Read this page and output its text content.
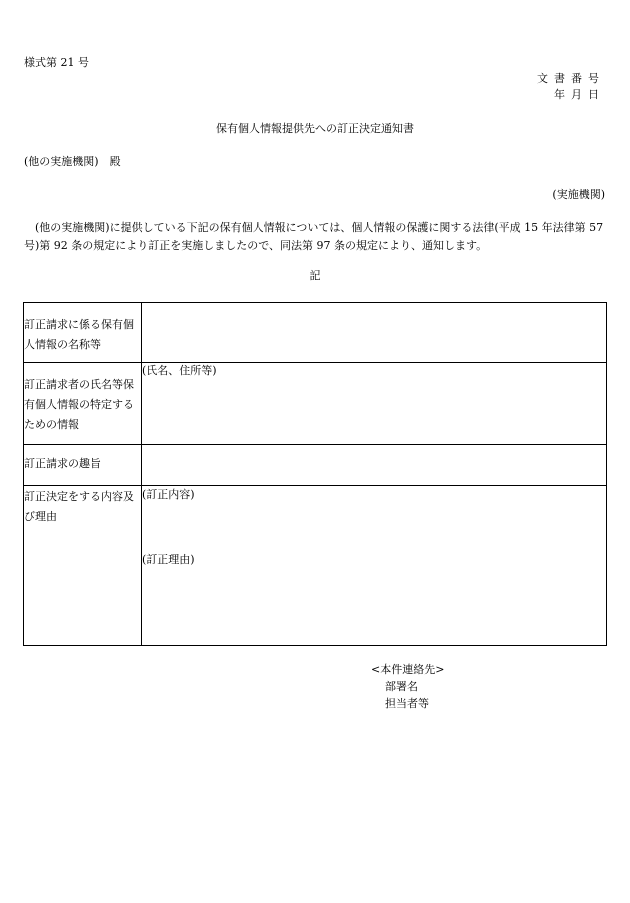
様式第 21 号
文書番号
年月日
保有個人情報提供先への訂正決定通知書
(他の実施機関)　殿
(実施機関)
(他の実施機関)に提供している下記の保有個人情報については、個人情報の保護に関する法律(平成 15 年法律第 57 号)第 92 条の規定により訂正を実施しましたので、同法第 97 条の規定により、通知します。
記
訂正請求に係る保有個人情報の名称等	

訂正請求者の氏名等保有個人情報の特定するための情報	(氏名、住所等)

訂正請求の趣旨	

訂正決定をする内容及び理由	(訂正内容)
(訂正理由)
<本件連絡先>
部署名
担当者等
